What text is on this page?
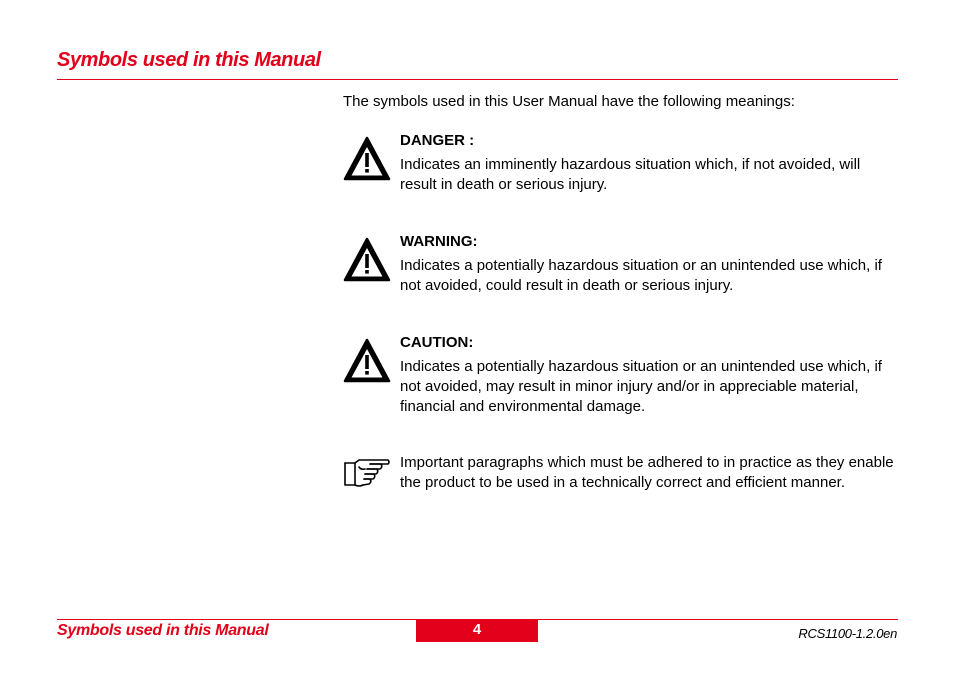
Symbols used in this Manual
The symbols used in this User Manual have the following meanings:
DANGER :
Indicates an imminently hazardous situation which, if not avoided, will result in death or serious injury.
WARNING:
Indicates a potentially hazardous situation or an unintended use which, if not avoided, could result in death or serious injury.
CAUTION:
Indicates a potentially hazardous situation or an unintended use which, if not avoided, may result in minor injury and/or in appreciable material, financial and environmental damage.
Important paragraphs which must be adhered to in practice as they enable the product to be used in a technically correct and efficient manner.
Symbols used in this Manual	4	RCS1100-1.2.0en
